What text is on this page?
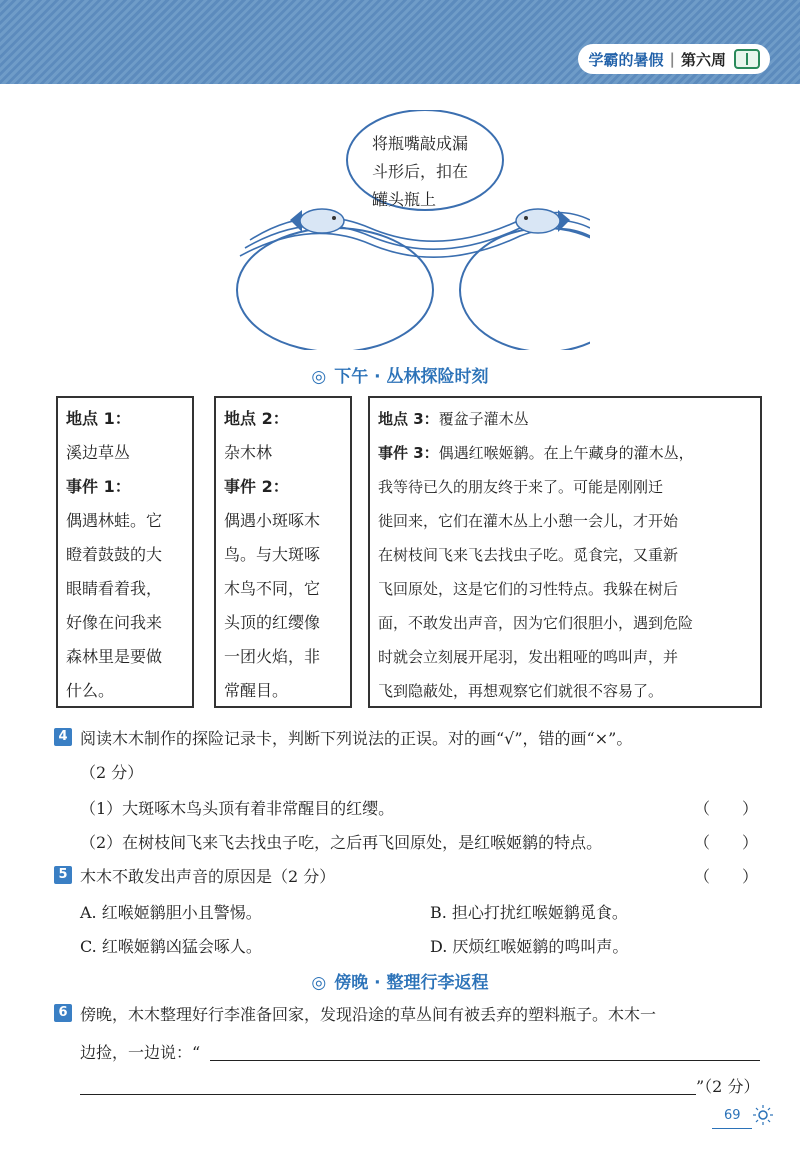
学霸的暑假 | 第六周
将瓶嘴敲成漏
斗形后，扣在
罐头瓶上
◎ 下午 · 丛林探险时刻
地点 1：
溪边草丛
事件 1：
偶遇林蛙。它
瞪着鼓鼓的大
眼睛看着我，
好像在问我来
森林里是要做
什么。
地点 2：
杂木林
事件 2：
偶遇小斑啄木
鸟。与大斑啄
木鸟不同，它
头顶的红缨像
一团火焰，非
常醒目。
地点 3：覆盆子灌木丛
事件 3：偶遇红喉姬鹟。在上午藏身的灌木丛，
我等待已久的朋友终于来了。可能是刚刚迁
徙回来，它们在灌木丛上小憩一会儿，才开始
在树枝间飞来飞去找虫子吃。觅食完，又重新
飞回原处，这是它们的习性特点。我躲在树后
面，不敢发出声音，因为它们很胆小，遇到危险
时就会立刻展开尾羽，发出粗哑的鸣叫声，并
飞到隐蔽处，再想观察它们就很不容易了。
4 阅读木木制作的探险记录卡，判断下列说法的正误。对的画“√”，错的画“×”。
（2 分）
（1）大斑啄木鸟头顶有着非常醒目的红缨。	（　　）
（2）在树枝间飞来飞去找虫子吃，之后再飞回原处，是红喉姬鹟的特点。	（　　）
5 木木不敢发出声音的原因是（2 分）	（　　）
A. 红喉姬鹟胆小且警惕。	B. 担心打扰红喉姬鹟觅食。
C. 红喉姬鹟凶猛会啄人。	D. 厌烦红喉姬鹟的鸣叫声。
◎ 傍晚 · 整理行李返程
6 傍晚，木木整理好行李准备回家，发现沿途的草丛间有被丢弃的塑料瓶子。木木一
边捡，一边说：“
”（2 分）
69
